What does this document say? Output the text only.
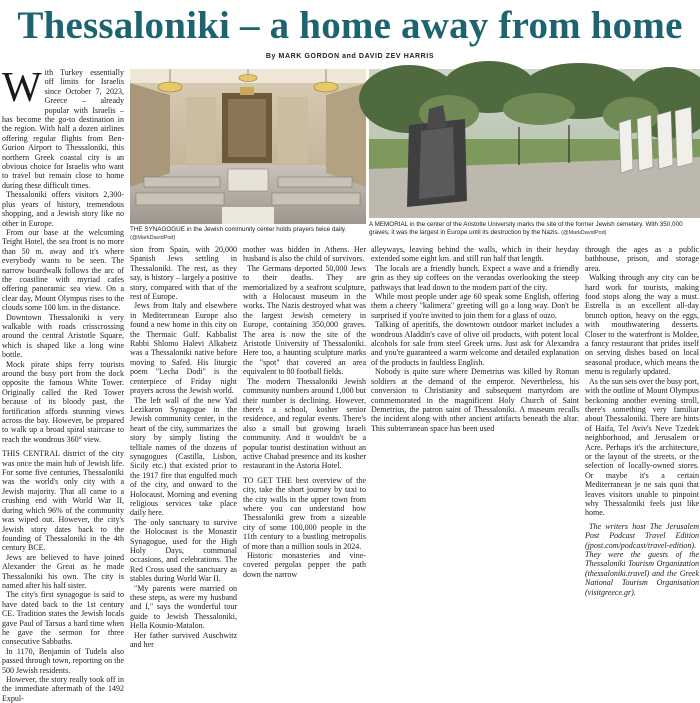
Thessaloniki – a home away from home
By MARK GORDON and DAVID ZEV HARRIS
W ith Turkey essentially off limits for Israelis since October 7, 2023, Greece – already popular with Israelis – has become the go-to destination in the region. With half a dozen airlines offering regular flights from Ben-Gurion Airport to Thessaloniki, this northern Greek coastal city is an obvious choice for Israelis who want to travel but remain close to home during these difficult times.

Thessaloniki offers visitors 2,300-plus years of history, tremendous shopping, and a Jewish story like no other in Europe.

From our base at the welcoming Teight Hotel, the sea front is no more than 50 m. away and it's where everybody wants to be seen. The narrow boardwalk follows the arc of the coastline with myriad cafes offering panoramic sea view. On a clear day, Mount Olympus rises to the clouds some 100 km. in the distance.

Downtown Thessaloniki is very walkable with roads crisscrossing around the central Aristotle Square, which is shaped like a long wine bottle.

Mock pirate ships ferry tourists around the busy port from the dock opposite the famous White Tower. Originally called the Red Tower because of its bloody past, the fortification affords stunning views across the bay. However, be prepared to walk up a broad spiral staircase to reach the wondrous 360° view.

THIS CENTRAL district of the city was once the main hub of Jewish life. For some five centuries, Thessaloniki was the world's only city with a Jewish majority. That all came to a crushing end with World War II, during which 96% of the community was wiped out. However, the city's Jewish story dates back to the founding of Thessaloniki in the 4th century BCE.

Jews are believed to have joined Alexander the Great as he made Thessaloniki his own. The city is named after his half sister.

The city's first synagogue is said to have dated back to the 1st century CE. Tradition states the Jewish locals gave Paul of Tarsus a hard time when he gave the sermon for three consecutive Sabbaths.

In 1170, Benjamin of Tudela also passed through town, reporting on the 500 Jewish residents.

However, the story really took off in the immediate aftermath of the 1492 Expul-

THE SYNAGOGUE in the Jewish community center holds prayers twice daily.
(@MarkDavidPod)
A MEMORIAL in the center of the Aristotle University marks the site of the former Jewish cemetery. With 350,000 graves, it was the largest in Europe until its destruction by the Nazis. (@MarkDavidPod)

sion from Spain, with 20,000 Spanish Jews settling in Thessaloniki. The rest, as they say, is history – largely a positive story, compared with that of the rest of Europe.

Jews from Italy and elsewhere in Mediterranean Europe also found a new home in this city on the Thermaic Gulf. Kabbalist Rabbi Shlomo Halevi Alkabetz was a Thessaloniki native before moving to Safed. His liturgic poem "Lecha Dodi" is the centerpiece of Friday night prayers across the Jewish world.

The left wall of the new Yad Lezikaron Synagogue in the Jewish community center, in the heart of the city, summarizes the story by simply listing the telltale names of the dozens of synagogues (Castilla, Lisbon, Sicily etc.) that existed prior to the 1917 fire that engulfed much of the city, and onward to the Holocaust. Morning and evening religious services take place daily here.

The only sanctuary to survive the Holocaust is the Monastir Synagogue, used for the High Holy Days, communal occasions, and celebrations. The Red Cross used the sanctuary as stables during World War II.

"My parents were married on these steps, as were my husband and I," says the wonderful tour guide to Jewish Thessaloniki, Hella Kounio-Matalon.

Her father survived Auschwitz and her

mother was hidden in Athens. Her husband is also the child of survivors.

The Germans deported 50,000 Jews to their deaths. They are memorialized by a seafront sculpture, with a Holocaust museum in the works. The Nazis destroyed what was the largest Jewish cemetery in Europe, containing 350,000 graves. The area is now the site of the Aristotle University of Thessaloniki. Here too, a haunting sculpture marks the "spot" that covered an area equivalent to 80 football fields.

The modern Thessaloniki Jewish community numbers around 1,000 but their number is declining. However, there's a school, kosher senior residence, and regular events. There's also a small but growing Israeli community. And it wouldn't be a popular tourist destination without an active Chabad presence and its kosher restaurant in the Astoria Hotel.

TO GET THE best overview of the city, take the short journey by taxi to the city walls in the upper town from where you can understand how Thessaloniki grew from a sizeable city of some 100,000 people in the 11th century to a bustling metropolis of more than a million souls in 2024.

Historic monasteries and vine-covered pergolas pepper the path down the narrow

alleyways, leaving behind the walls, which in their heyday extended some eight km. and still run half that length.

The locals are a friendly bunch. Expect a wave and a friendly grin as they sip coffees on the verandas overlooking the steep pathways that lead down to the modern part of the city.

While most people under age 60 speak some English, offering them a cheery "kalimera" greeting will go a long way. Don't be surprised if you're invited to join them for a glass of ouzo.

Talking of aperitifs, the downtown outdoor market includes a wondrous Aladdin's cave of olive oil products, with potent local alcohols for sale from steel Greek urns. Just ask for Alexandra and you're guaranteed a warm welcome and detailed explanation of the products in faultless English.

Nobody is quite sure where Demetrius was killed by Roman soldiers at the demand of the emperor. Nevertheless, his conversion to Christianity and subsequent martyrdom are commemorated in the magnificent Holy Church of Saint Demetrius, the patron saint of Thessaloniki. A museum recalls the incident along with other ancient artifacts beneath the altar. This subterranean space has been used

through the ages as a public bathhouse, prison, and storage area.

Walking through any city can be hard work for tourists, making food stops along the way a must. Estrella is an excellent all-day brunch option, heavy on the eggs, with mouthwatering desserts. Closer to the waterfront is Moldee, a fancy restaurant that prides itself on serving dishes based on local seasonal produce, which means the menu is regularly updated.

As the sun sets over the busy port, with the outline of Mount Olympus beckoning another evening stroll, there's something very familiar about Thessaloniki. There are hints of Haifa, Tel Aviv's Neve Tzedek neighborhood, and Jerusalem or Acre. Perhaps it's the architecture, or the layout of the streets, or the selection of locally-owned stores. Or maybe it's a certain Mediterranean je ne sais quoi that leaves visitors unable to pinpoint why Thessaloniki feels just like home.

The writers host The Jerusalem Post Podcast Travel Edition (jpost.com/podcast/travel-edition). They were the guests of the Thessaloniki Tourism Organization (thessaloniki.travel) and the Greek National Tourism Organisation (visitgreece.gr).
